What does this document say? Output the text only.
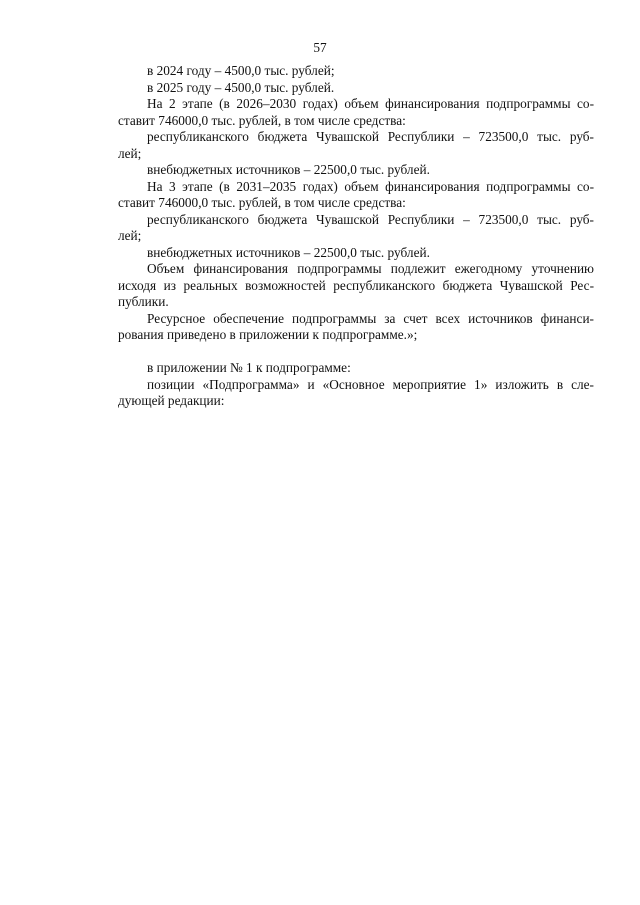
57
в 2024 году – 4500,0 тыс. рублей;
в 2025 году – 4500,0 тыс. рублей.
На 2 этапе (в 2026–2030 годах) объем финансирования подпрограммы со-
ставит 746000,0 тыс. рублей, в том числе средства:
республиканского бюджета Чувашской Республики – 723500,0 тыс. руб-
лей;
внебюджетных источников – 22500,0 тыс. рублей.
На 3 этапе (в 2031–2035 годах) объем финансирования подпрограммы со-
ставит 746000,0 тыс. рублей, в том числе средства:
республиканского бюджета Чувашской Республики – 723500,0 тыс. руб-
лей;
внебюджетных источников – 22500,0 тыс. рублей.
Объем финансирования подпрограммы подлежит ежегодному уточнению
исходя из реальных возможностей республиканского бюджета Чувашской Рес-
публики.
Ресурсное обеспечение подпрограммы за счет всех источников финанси-
рования приведено в приложении к подпрограмме.»;
в приложении № 1 к подпрограмме:
позиции «Подпрограмма» и «Основное мероприятие 1» изложить в сле-
дующей редакции:
